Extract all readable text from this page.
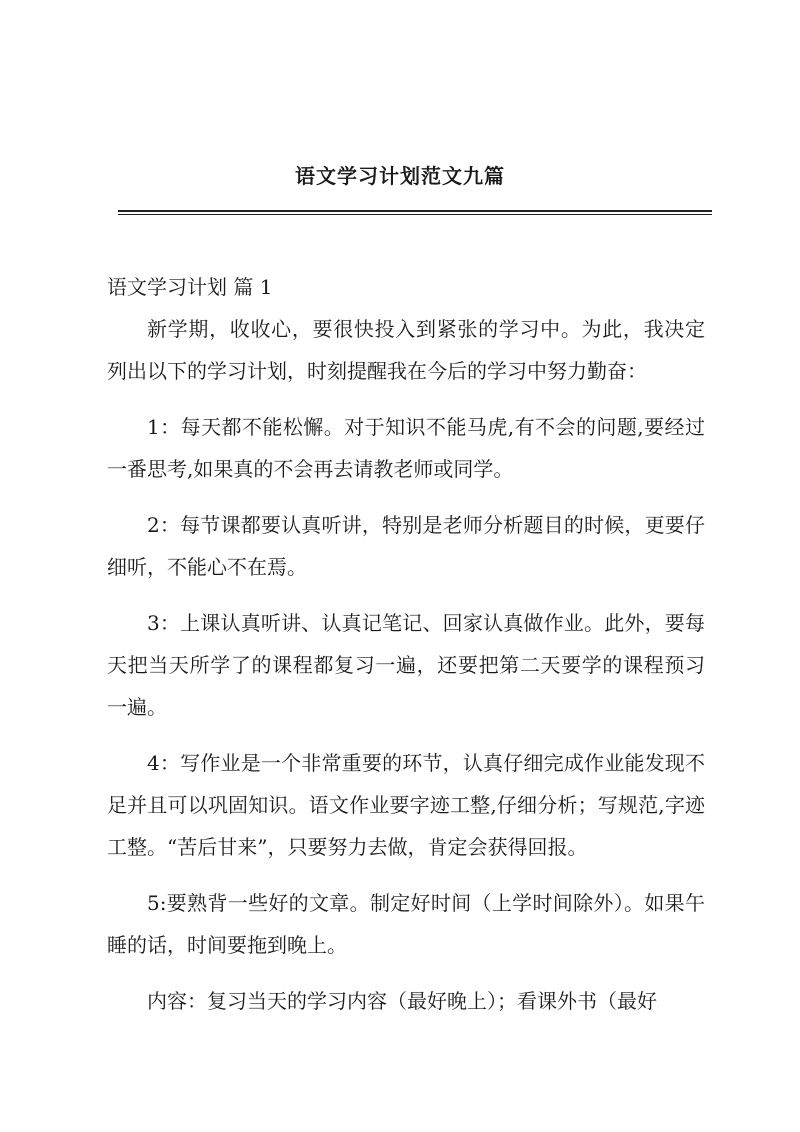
语文学习计划范文九篇

语文学习计划 篇 1

新学期，收收心，要很快投入到紧张的学习中。为此，我决定列出以下的学习计划，时刻提醒我在今后的学习中努力勤奋：

1：每天都不能松懈。对于知识不能马虎,有不会的问题,要经过一番思考,如果真的不会再去请教老师或同学。

2：每节课都要认真听讲，特别是老师分析题目的时候，更要仔细听，不能心不在焉。

3：上课认真听讲、认真记笔记、回家认真做作业。此外，要每天把当天所学了的课程都复习一遍，还要把第二天要学的课程预习一遍。

4：写作业是一个非常重要的环节，认真仔细完成作业能发现不足并且可以巩固知识。语文作业要字迹工整,仔细分析；写规范,字迹工整。“苦后甘来”，只要努力去做，肯定会获得回报。

5:要熟背一些好的文章。制定好时间（上学时间除外）。如果午睡的话，时间要拖到晚上。

内容：复习当天的学习内容（最好晚上）；看课外书（最好
